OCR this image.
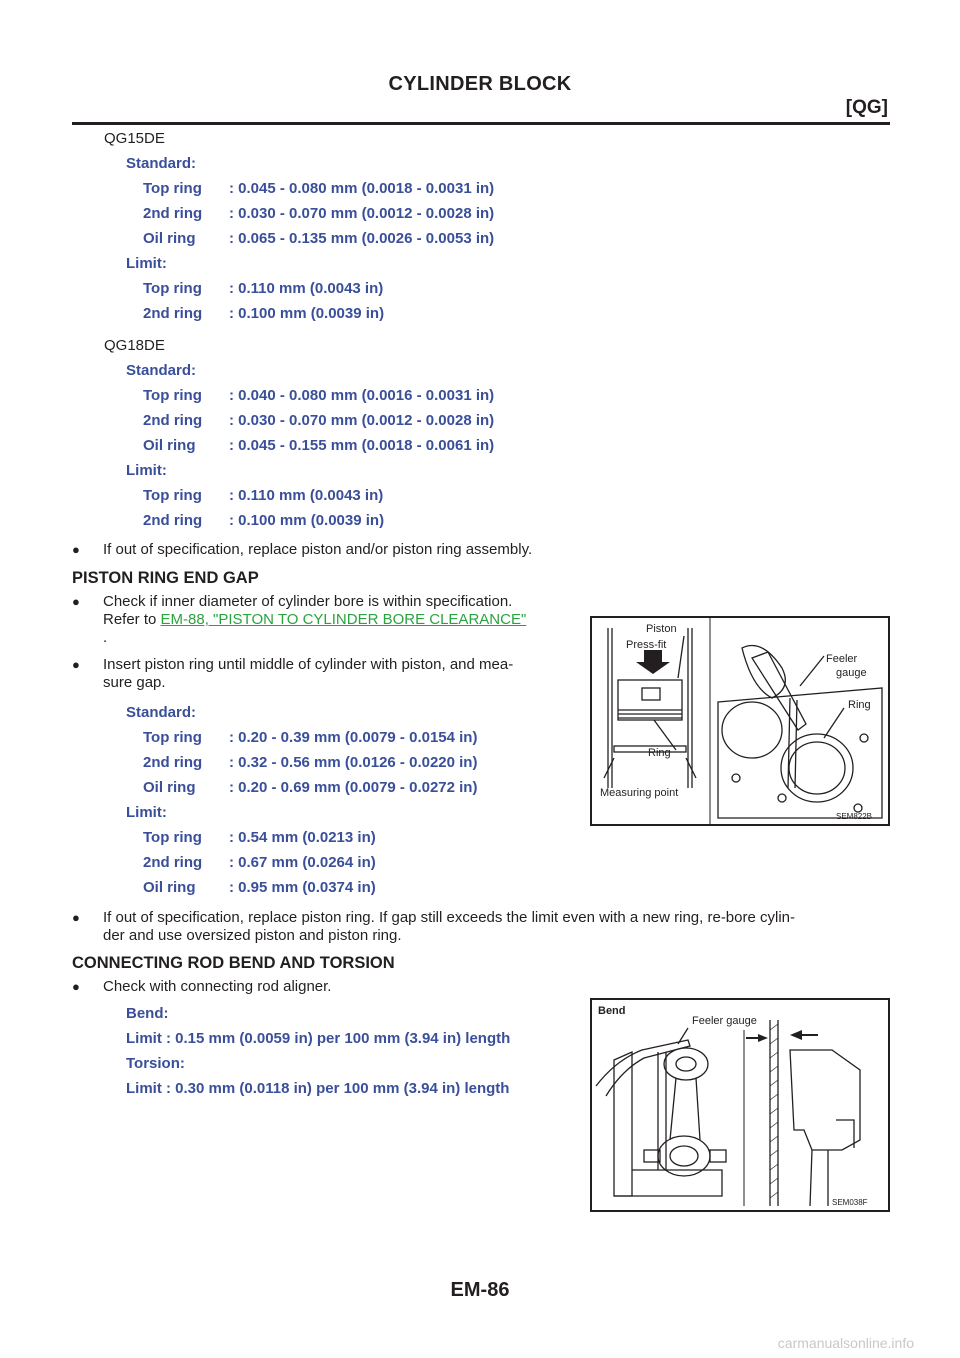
CYLINDER BLOCK
[QG]
QG15DE
Standard:
Top ring : 0.045 - 0.080 mm (0.0018 - 0.0031 in)
2nd ring : 0.030 - 0.070 mm (0.0012 - 0.0028 in)
Oil ring : 0.065 - 0.135 mm (0.0026 - 0.0053 in)
Limit:
Top ring : 0.110 mm (0.0043 in)
2nd ring : 0.100 mm (0.0039 in)
QG18DE
Standard:
Top ring : 0.040 - 0.080 mm (0.0016 - 0.0031 in)
2nd ring : 0.030 - 0.070 mm (0.0012 - 0.0028 in)
Oil ring : 0.045 - 0.155 mm (0.0018 - 0.0061 in)
Limit:
Top ring : 0.110 mm (0.0043 in)
2nd ring : 0.100 mm (0.0039 in)
● If out of specification, replace piston and/or piston ring assembly.
PISTON RING END GAP
● Check if inner diameter of cylinder bore is within specification.
Refer to EM-88, "PISTON TO CYLINDER BORE CLEARANCE"
.
● Insert piston ring until middle of cylinder with piston, and mea-
sure gap.
Standard:
Top ring : 0.20 - 0.39 mm (0.0079 - 0.0154 in)
2nd ring : 0.32 - 0.56 mm (0.0126 - 0.0220 in)
Oil ring : 0.20 - 0.69 mm (0.0079 - 0.0272 in)
Limit:
Top ring : 0.54 mm (0.0213 in)
2nd ring : 0.67 mm (0.0264 in)
Oil ring : 0.95 mm (0.0374 in)
Piston
Press-fit
Feeler
gauge
Ring
Ring
Measuring point
SEM822B
● If out of specification, replace piston ring. If gap still exceeds the limit even with a new ring, re-bore cylin-
der and use oversized piston and piston ring.
CONNECTING ROD BEND AND TORSION
● Check with connecting rod aligner.
Bend:
Limit : 0.15 mm (0.0059 in) per 100 mm (3.94 in) length
Torsion:
Limit : 0.30 mm (0.0118 in) per 100 mm (3.94 in) length
Bend
Feeler gauge
SEM038F
EM-86
carmanualsonline.info
